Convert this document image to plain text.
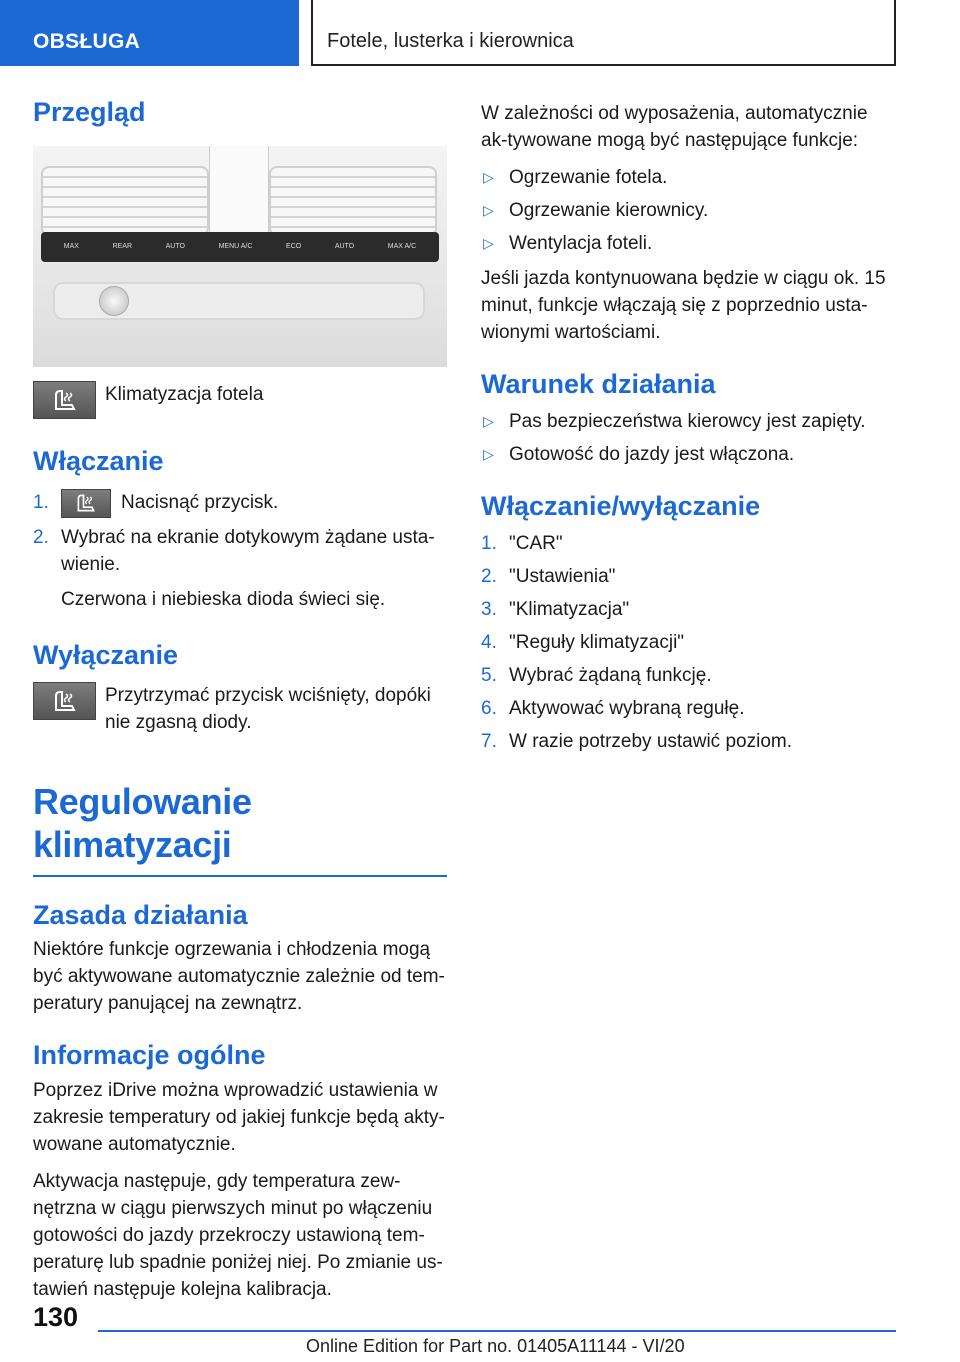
OBSŁUGA	Fotele, lusterka i kierownica
Przegląd
MAX	REAR	AUTO	MENU A/C	ECO	AUTO	MAX A/C
Klimatyzacja fotela
Włączanie
1.	Nacisnąć przycisk.
2. Wybrać na ekranie dotykowym żądane usta‐wienie.
Czerwona i niebieska dioda świeci się.
Wyłączanie
Przytrzymać przycisk wciśnięty, dopóki nie zgasną diody.
Regulowanie klimatyzacji
Zasada działania

Niektóre funkcje ogrzewania i chłodzenia mogą być aktywowane automatycznie zależnie od tem‐peratury panującej na zewnątrz.

Informacje ogólne

Poprzez iDrive można wprowadzić ustawienia w zakresie temperatury od jakiej funkcje będą akty‐wowane automatycznie.

Aktywacja następuje, gdy temperatura zew‐nętrzna w ciągu pierwszych minut po włączeniu gotowości do jazdy przekroczy ustawioną tem‐peraturę lub spadnie poniżej niej. Po zmianie us‐tawień następuje kolejna kalibracja.

W zależności od wyposażenia, automatycznie ak‐tywowane mogą być następujące funkcje:

▷ Ogrzewanie fotela.
▷ Ogrzewanie kierownicy.
▷ Wentylacja foteli.

Jeśli jazda kontynuowana będzie w ciągu ok. 15 minut, funkcje włączają się z poprzednio usta‐wionymi wartościami.

Warunek działania
▷ Pas bezpieczeństwa kierowcy jest zapięty.
▷ Gotowość do jazdy jest włączona.
Włączanie/wyłączanie
1. "CAR"
2. "Ustawienia"
3. "Klimatyzacja"
4. "Reguły klimatyzacji"
5. Wybrać żądaną funkcję.
6. Aktywować wybraną regułę.
7. W razie potrzeby ustawić poziom.
130
Online Edition for Part no. 01405A11144 - VI/20
